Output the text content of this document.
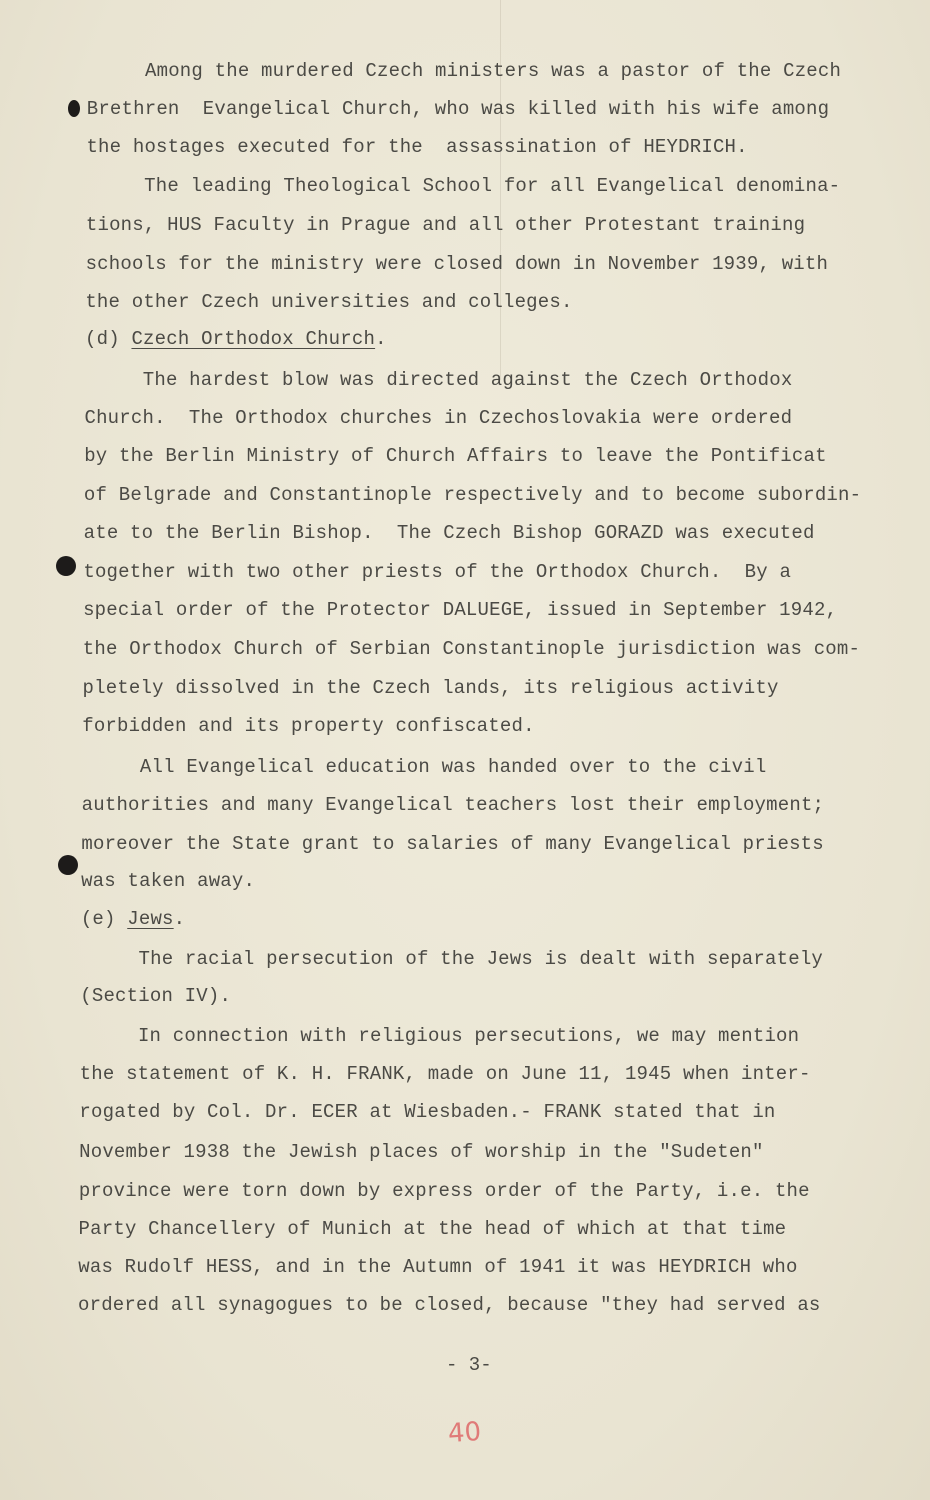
Among the murdered Czech ministers was a pastor of the Czech
Brethren  Evangelical Church, who was killed with his wife among
the hostages executed for the  assassination of HEYDRICH.
The leading Theological School for all Evangelical denomina-
tions, HUS Faculty in Prague and all other Protestant training
schools for the ministry were closed down in November 1939, with
the other Czech universities and colleges.
(d) Czech Orthodox Church.
The hardest blow was directed against the Czech Orthodox
Church.  The Orthodox churches in Czechoslovakia were ordered
by the Berlin Ministry of Church Affairs to leave the Pontificat
of Belgrade and Constantinople respectively and to become subordin-
ate to the Berlin Bishop.  The Czech Bishop GORAZD was executed
together with two other priests of the Orthodox Church.  By a
special order of the Protector DALUEGE, issued in September 1942,
the Orthodox Church of Serbian Constantinople jurisdiction was com-
pletely dissolved in the Czech lands, its religious activity
forbidden and its property confiscated.
All Evangelical education was handed over to the civil
authorities and many Evangelical teachers lost their employment;
moreover the State grant to salaries of many Evangelical priests
was taken away.
(e) Jews.
The racial persecution of the Jews is dealt with separately
(Section IV).
In connection with religious persecutions, we may mention
the statement of K. H. FRANK, made on June 11, 1945 when inter-
rogated by Col. Dr. ECER at Wiesbaden.- FRANK stated that in
November 1938 the Jewish places of worship in the "Sudeten"
province were torn down by express order of the Party, i.e. the
Party Chancellery of Munich at the head of which at that time
was Rudolf HESS, and in the Autumn of 1941 it was HEYDRICH who
ordered all synagogues to be closed, because "they had served as
- 3-
40
